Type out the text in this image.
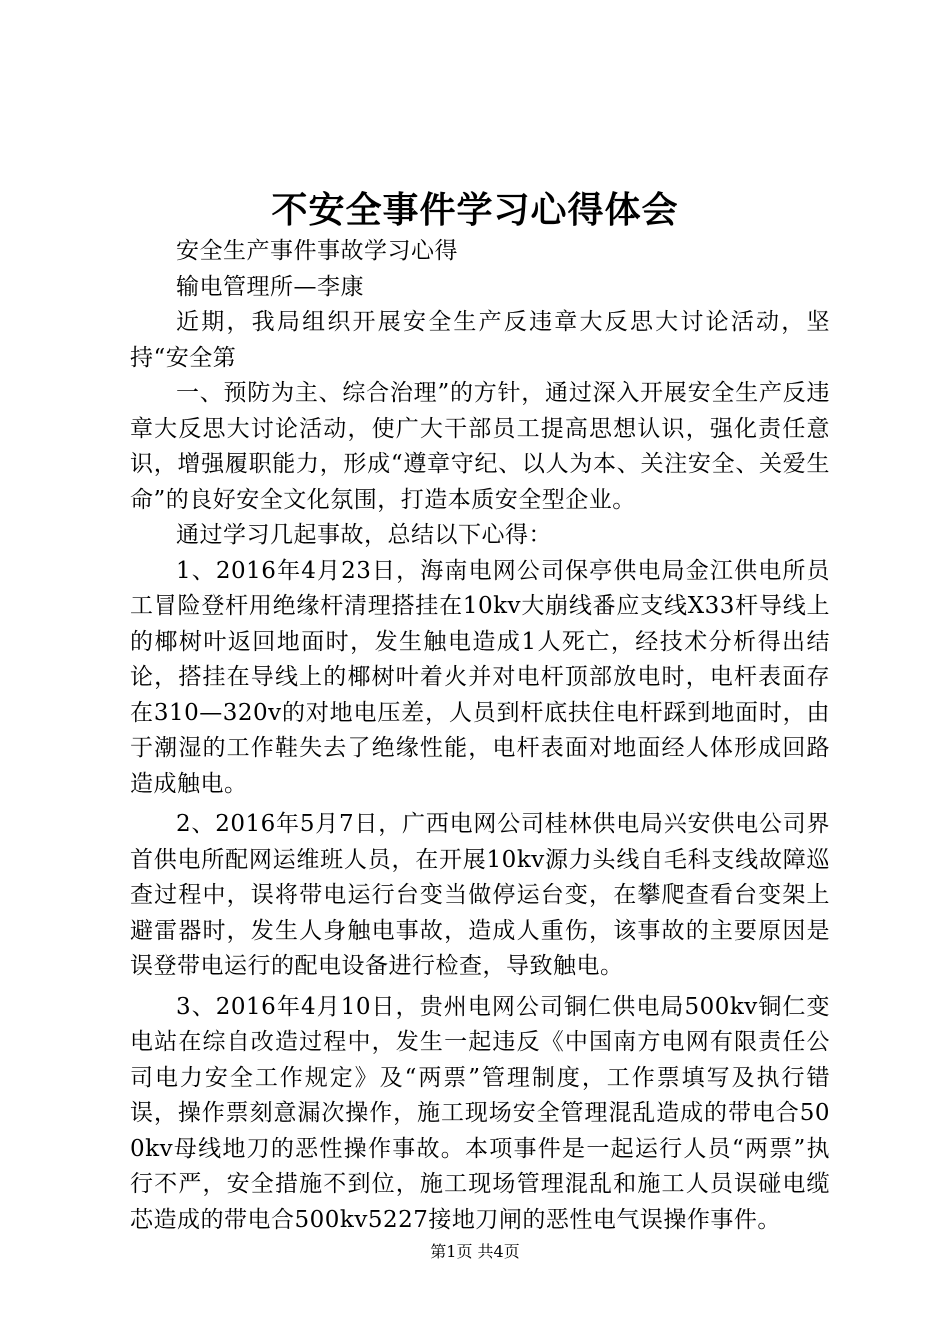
不安全事件学习心得体会

安全生产事件事故学习心得

输电管理所—李康

近期，我局组织开展安全生产反违章大反思大讨论活动，坚持“安全第

一、预防为主、综合治理”的方针，通过深入开展安全生产反违章大反思大讨论活动，使广大干部员工提高思想认识，强化责任意识，增强履职能力，形成“遵章守纪、以人为本、关注安全、关爱生命”的良好安全文化氛围，打造本质安全型企业。

通过学习几起事故，总结以下心得：

1、2016年4月23日，海南电网公司保亭供电局金江供电所员工冒险登杆用绝缘杆清理搭挂在10kv大崩线番应支线X33杆导线上的椰树叶返回地面时，发生触电造成1人死亡，经技术分析得出结论，搭挂在导线上的椰树叶着火并对电杆顶部放电时，电杆表面存在310—320v的对地电压差，人员到杆底扶住电杆踩到地面时，由于潮湿的工作鞋失去了绝缘性能，电杆表面对地面经人体形成回路造成触电。

2、2016年5月7日，广西电网公司桂林供电局兴安供电公司界首供电所配网运维班人员，在开展10kv源力头线自毛科支线故障巡查过程中，误将带电运行台变当做停运台变，在攀爬查看台变架上避雷器时，发生人身触电事故，造成人重伤，该事故的主要原因是误登带电运行的配电设备进行检查，导致触电。

3、2016年4月10日，贵州电网公司铜仁供电局500kv铜仁变电站在综自改造过程中，发生一起违反《中国南方电网有限责任公司电力安全工作规定》及“两票”管理制度，工作票填写及执行错误，操作票刻意漏次操作，施工现场安全管理混乱造成的带电合500kv母线地刀的恶性操作事故。本项事件是一起运行人员“两票”执行不严，安全措施不到位，施工现场管理混乱和施工人员误碰电缆芯造成的带电合500kv5227接地刀闸的恶性电气误操作事件。

第1页 共4页
